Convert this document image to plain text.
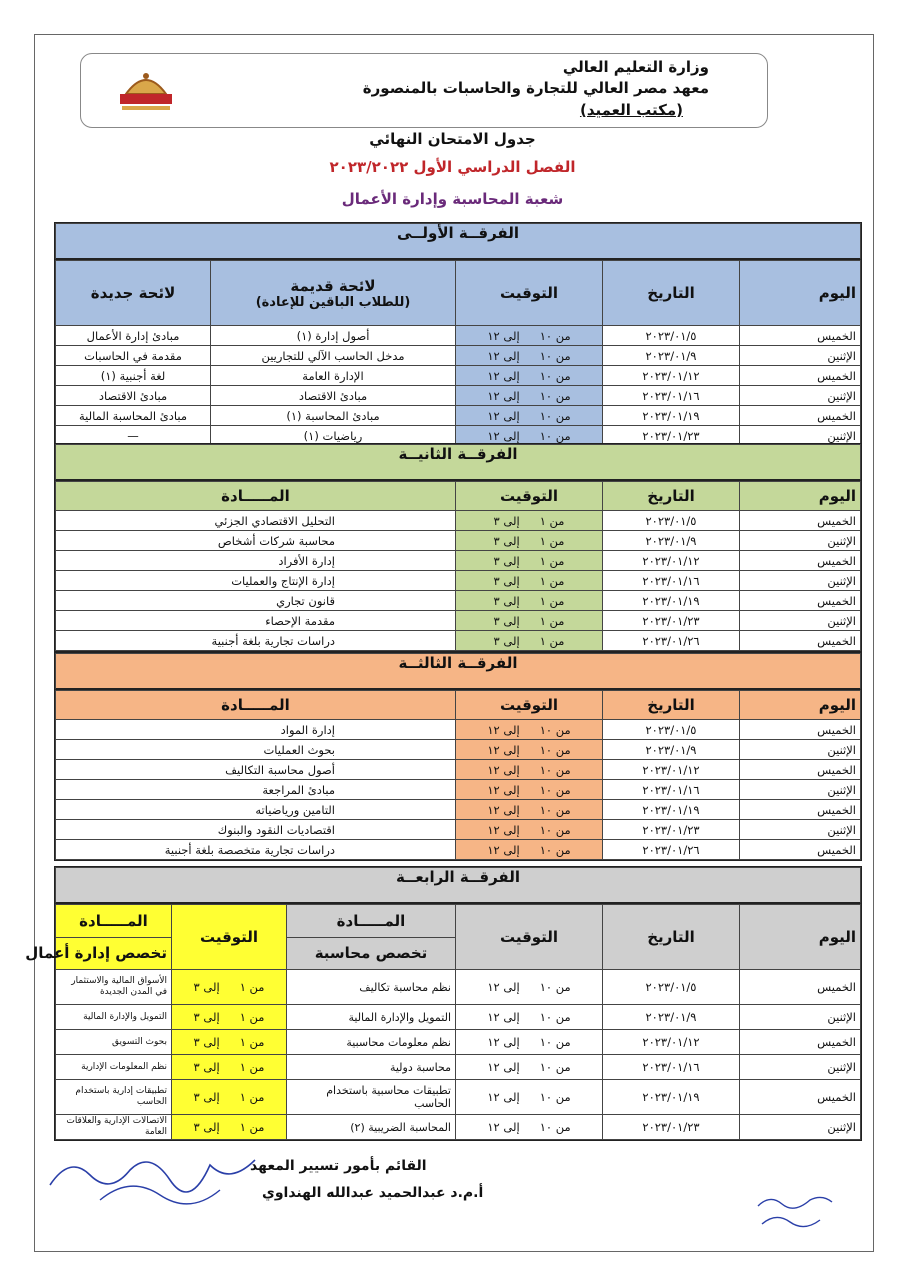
وزارة التعليم العالي
معهد مصر العالي للتجارة والحاسبات بالمنصورة
(مكتب العميد)
جدول الامتحان النهائي
الفصل الدراسي الأول ٢٠٢٣/٢٠٢٢
شعبة المحاسبة وإدارة الأعمال
الفرقــة الأولــى
اليوم	التاريخ	التوقيت	لائحة قديمة
(للطلاب الباقين للإعادة)	لائحة جديدة
الخميس	٢٠٢٣/٠١/٥	من ١٠إلى ١٢	أصول إدارة (١)	مبادئ إدارة الأعمال
الإثنين	٢٠٢٣/٠١/٩	من ١٠إلى ١٢	مدخل الحاسب الآلي للتجاريين	مقدمة في الحاسبات
الخميس	٢٠٢٣/٠١/١٢	من ١٠إلى ١٢	الإدارة العامة	لغة أجنبية (١)
الإثنين	٢٠٢٣/٠١/١٦	من ١٠إلى ١٢	مبادئ الاقتصاد	مبادئ الاقتصاد
الخميس	٢٠٢٣/٠١/١٩	من ١٠إلى ١٢	مبادئ المحاسبة (١)	مبادئ المحاسبة المالية
الإثنين	٢٠٢٣/٠١/٢٣	من ١٠إلى ١٢	رياضيات (١)	—
الفرقــة الثانيــة
اليوم	التاريخ	التوقيت	المـــــادة
الخميس	٢٠٢٣/٠١/٥	من ١إلى ٣	التحليل الاقتصادي الجزئي
الإثنين	٢٠٢٣/٠١/٩	من ١إلى ٣	محاسبة شركات أشخاص
الخميس	٢٠٢٣/٠١/١٢	من ١إلى ٣	إدارة الأفراد
الإثنين	٢٠٢٣/٠١/١٦	من ١إلى ٣	إدارة الإنتاج والعمليات
الخميس	٢٠٢٣/٠١/١٩	من ١إلى ٣	قانون تجاري
الإثنين	٢٠٢٣/٠١/٢٣	من ١إلى ٣	مقدمة الإحصاء
الخميس	٢٠٢٣/٠١/٢٦	من ١إلى ٣	دراسات تجارية بلغة أجنبية
الفرقــة الثالثــة
اليوم	التاريخ	التوقيت	المـــــادة
الخميس	٢٠٢٣/٠١/٥	من ١٠إلى ١٢	إدارة المواد
الإثنين	٢٠٢٣/٠١/٩	من ١٠إلى ١٢	بحوث العمليات
الخميس	٢٠٢٣/٠١/١٢	من ١٠إلى ١٢	أصول محاسبة التكاليف
الإثنين	٢٠٢٣/٠١/١٦	من ١٠إلى ١٢	مبادئ المراجعة
الخميس	٢٠٢٣/٠١/١٩	من ١٠إلى ١٢	التامين ورياضياته
الإثنين	٢٠٢٣/٠١/٢٣	من ١٠إلى ١٢	اقتصاديات النقود والبنوك
الخميس	٢٠٢٣/٠١/٢٦	من ١٠إلى ١٢	دراسات تجارية متخصصة بلغة أجنبية
الفرقــة الرابعــة
اليوم	التاريخ	التوقيت	المـــــادة	التوقيت	المـــــادة
			تخصص محاسبة		تخصص إدارة أعمال
الخميس	٢٠٢٣/٠١/٥	من ١٠إلى ١٢	نظم محاسبة تكاليف	من ١إلى ٣	الأسواق المالية والاستثمار في المدن الجديدة
الإثنين	٢٠٢٣/٠١/٩	من ١٠إلى ١٢	التمويل والإدارة المالية	من ١إلى ٣	التمويل والإدارة المالية
الخميس	٢٠٢٣/٠١/١٢	من ١٠إلى ١٢	نظم معلومات محاسبية	من ١إلى ٣	بحوث التسويق
الإثنين	٢٠٢٣/٠١/١٦	من ١٠إلى ١٢	محاسبة دولية	من ١إلى ٣	نظم المعلومات الإدارية
الخميس	٢٠٢٣/٠١/١٩	من ١٠إلى ١٢	تطبيقات محاسبية باستخدام الحاسب	من ١إلى ٣	تطبيقات إدارية باستخدام الحاسب
الإثنين	٢٠٢٣/٠١/٢٣	من ١٠إلى ١٢	المحاسبة الضريبية (٢)	من ١إلى ٣	الاتصالات الإدارية والعلاقات العامة
القائم بأمور تسيير المعهد
أ.م.د عبدالحميد عبدالله الهنداوي
